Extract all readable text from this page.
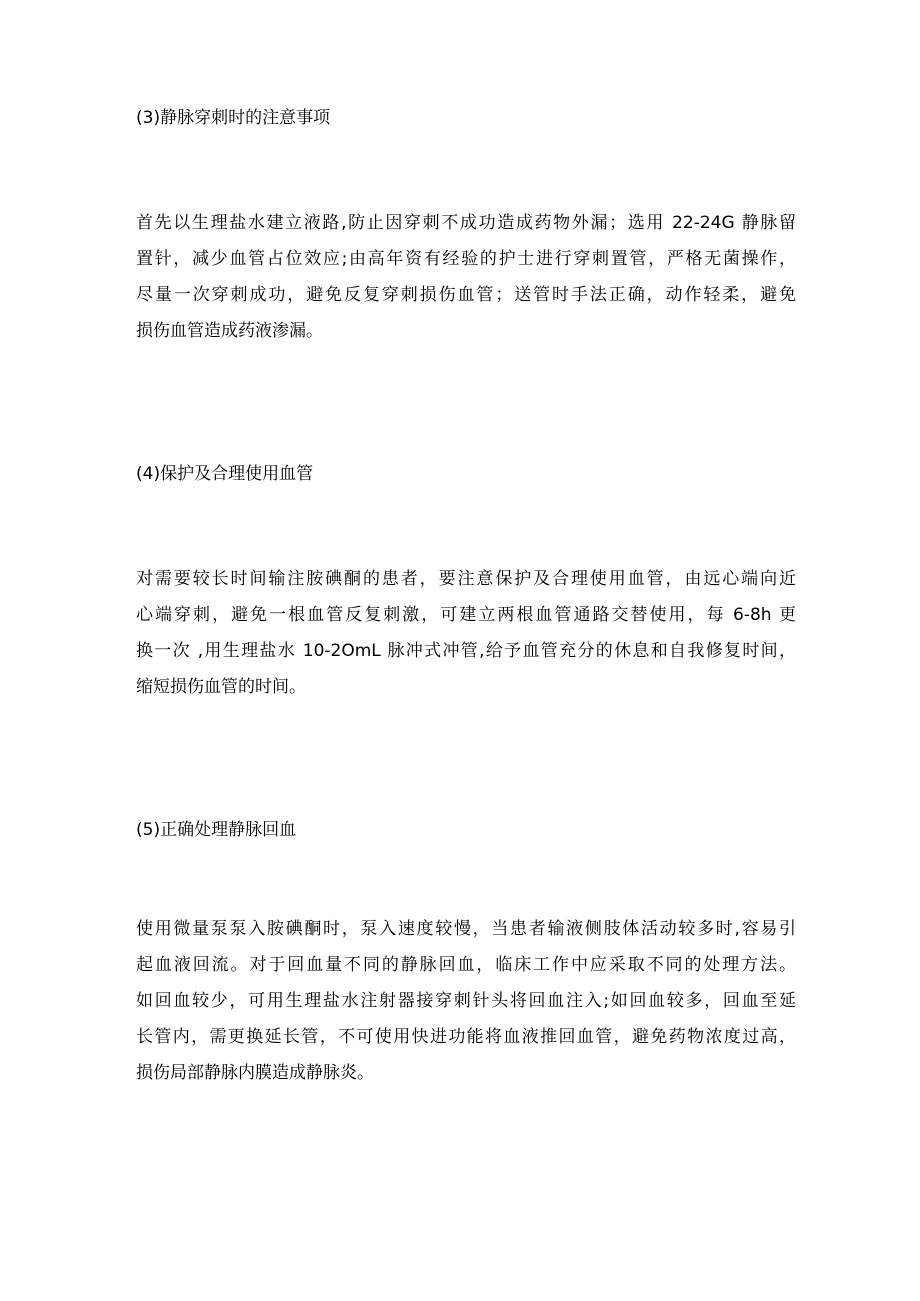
(3)静脉穿刺时的注意事项
首先以生理盐水建立液路,防止因穿刺不成功造成药物外漏；选用 22-24G 静脉留
置针，减少血管占位效应;由高年资有经验的护士进行穿刺置管，严格无菌操作，
尽量一次穿刺成功，避免反复穿刺损伤血管；送管时手法正确，动作轻柔，避免
损伤血管造成药液渗漏。
(4)保护及合理使用血管
对需要较长时间输注胺碘酮的患者，要注意保护及合理使用血管，由远心端向近
心端穿刺，避免一根血管反复刺激，可建立两根血管通路交替使用，每 6-8h 更
换一次 ,用生理盐水 10-2OmL 脉冲式冲管,给予血管充分的休息和自我修复时间，
缩短损伤血管的时间。
(5)正确处理静脉回血
使用微量泵泵入胺碘酮时，泵入速度较慢，当患者输液侧肢体活动较多时,容易引
起血液回流。对于回血量不同的静脉回血，临床工作中应采取不同的处理方法。
如回血较少，可用生理盐水注射器接穿刺针头将回血注入;如回血较多，回血至延
长管内，需更换延长管，不可使用快进功能将血液推回血管，避免药物浓度过高，
损伤局部静脉内膜造成静脉炎。
